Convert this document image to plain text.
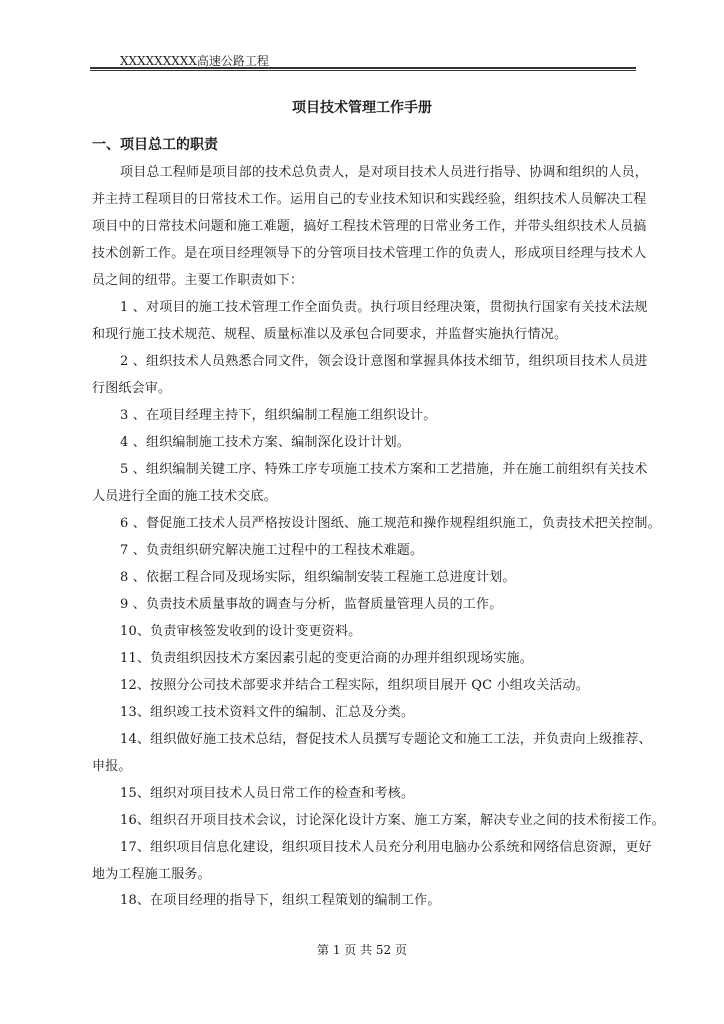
XXXXXXXXX高速公路工程
项目技术管理工作手册
一、项目总工的职责
项目总工程师是项目部的技术总负责人，是对项目技术人员进行指导、协调和组织的人员，
并主持工程项目的日常技术工作。运用自己的专业技术知识和实践经验，组织技术人员解决工程
项目中的日常技术问题和施工难题，搞好工程技术管理的日常业务工作，并带头组织技术人员搞
技术创新工作。是在项目经理领导下的分管项目技术管理工作的负责人，形成项目经理与技术人
员之间的纽带。主要工作职责如下：
1 、对项目的施工技术管理工作全面负责。执行项目经理决策，贯彻执行国家有关技术法规
和现行施工技术规范、规程、质量标准以及承包合同要求，并监督实施执行情况。
2 、组织技术人员熟悉合同文件，领会设计意图和掌握具体技术细节，组织项目技术人员进
行图纸会审。
3 、在项目经理主持下，组织编制工程施工组织设计。
4 、组织编制施工技术方案、编制深化设计计划。
5 、组织编制关键工序、特殊工序专项施工技术方案和工艺措施，并在施工前组织有关技术
人员进行全面的施工技术交底。
6 、督促施工技术人员严格按设计图纸、施工规范和操作规程组织施工，负责技术把关控制。
7 、负责组织研究解决施工过程中的工程技术难题。
8 、依据工程合同及现场实际，组织编制安装工程施工总进度计划。
9 、负责技术质量事故的调查与分析，监督质量管理人员的工作。
10、负责审核签发收到的设计变更资料。
11、负责组织因技术方案因素引起的变更洽商的办理并组织现场实施。
12、按照分公司技术部要求并结合工程实际，组织项目展开 QC 小组攻关活动。
13、组织竣工技术资料文件的编制、汇总及分类。
14、组织做好施工技术总结，督促技术人员撰写专题论文和施工工法，并负责向上级推荐、
申报。
15、组织对项目技术人员日常工作的检查和考核。
16、组织召开项目技术会议，讨论深化设计方案、施工方案，解决专业之间的技术衔接工作。
17、组织项目信息化建设，组织项目技术人员充分利用电脑办公系统和网络信息资源，更好
地为工程施工服务。
18、在项目经理的指导下，组织工程策划的编制工作。
第 1 页 共 52 页
